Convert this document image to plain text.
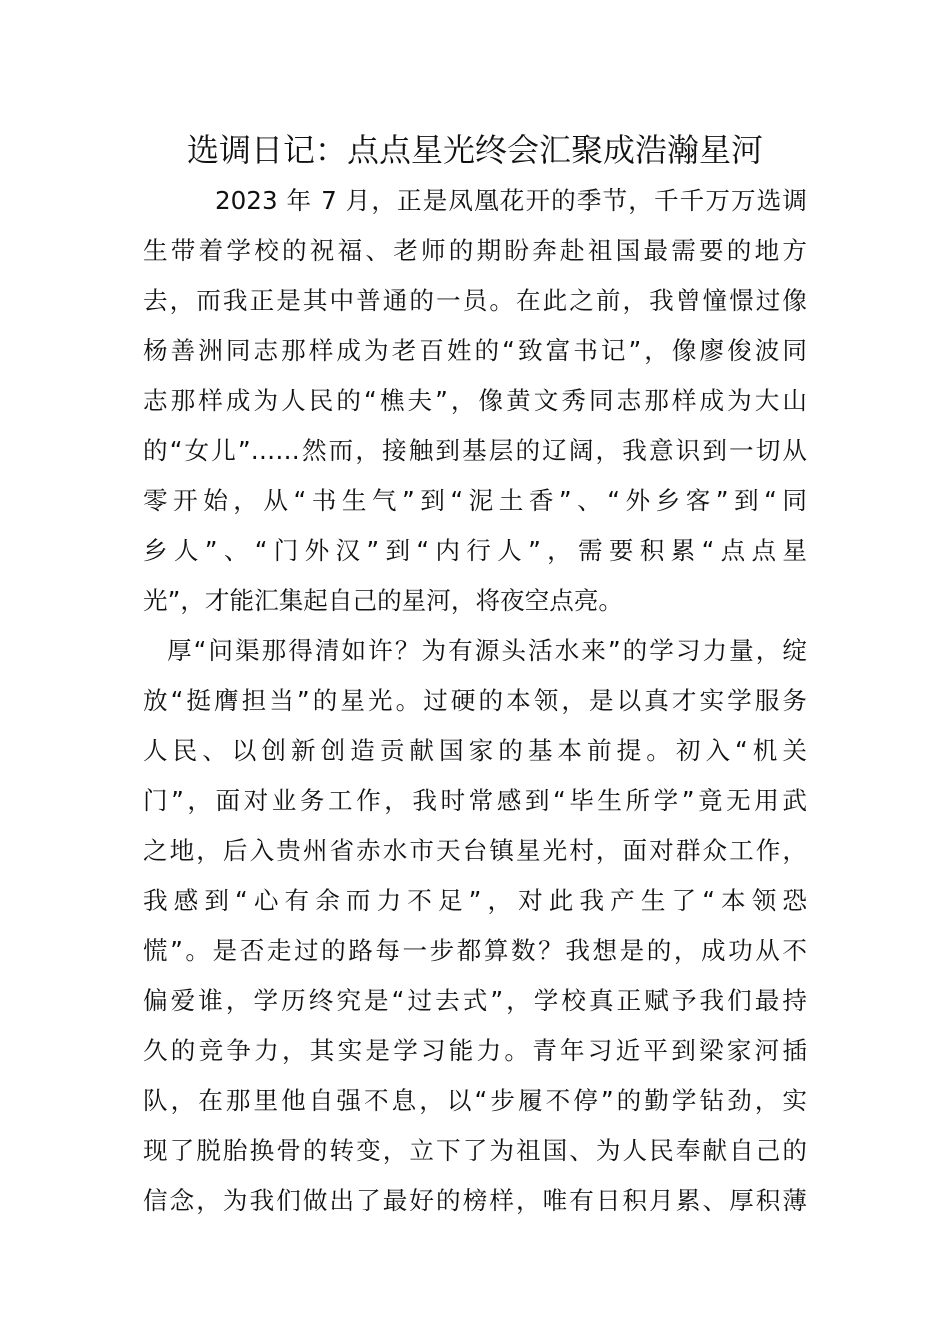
选调日记：点点星光终会汇聚成浩瀚星河
2023 年 7 月，正是凤凰花开的季节，千千万万选调
生带着学校的祝福、老师的期盼奔赴祖国最需要的地方
去，而我正是其中普通的一员。在此之前，我曾憧憬过像
杨善洲同志那样成为老百姓的“致富书记”，像廖俊波同
志那样成为人民的“樵夫”，像黄文秀同志那样成为大山
的“女儿”……然而，接触到基层的辽阔，我意识到一切从
零开始，从“书生气”到“泥土香”、“外乡客”到“同
乡人”、“门外汉”到“内行人”，需要积累“点点星
光”，才能汇集起自己的星河，将夜空点亮。
厚“问渠那得清如许？为有源头活水来”的学习力量，绽
放“挺膺担当”的星光。过硬的本领，是以真才实学服务
人民、以创新创造贡献国家的基本前提。初入“机关
门”，面对业务工作，我时常感到“毕生所学”竟无用武
之地，后入贵州省赤水市天台镇星光村，面对群众工作，
我感到“心有余而力不足”，对此我产生了“本领恐
慌”。是否走过的路每一步都算数？我想是的，成功从不
偏爱谁，学历终究是“过去式”，学校真正赋予我们最持
久的竞争力，其实是学习能力。青年习近平到梁家河插
队，在那里他自强不息，以“步履不停”的勤学钻劲，实
现了脱胎换骨的转变，立下了为祖国、为人民奉献自己的
信念，为我们做出了最好的榜样，唯有日积月累、厚积薄
